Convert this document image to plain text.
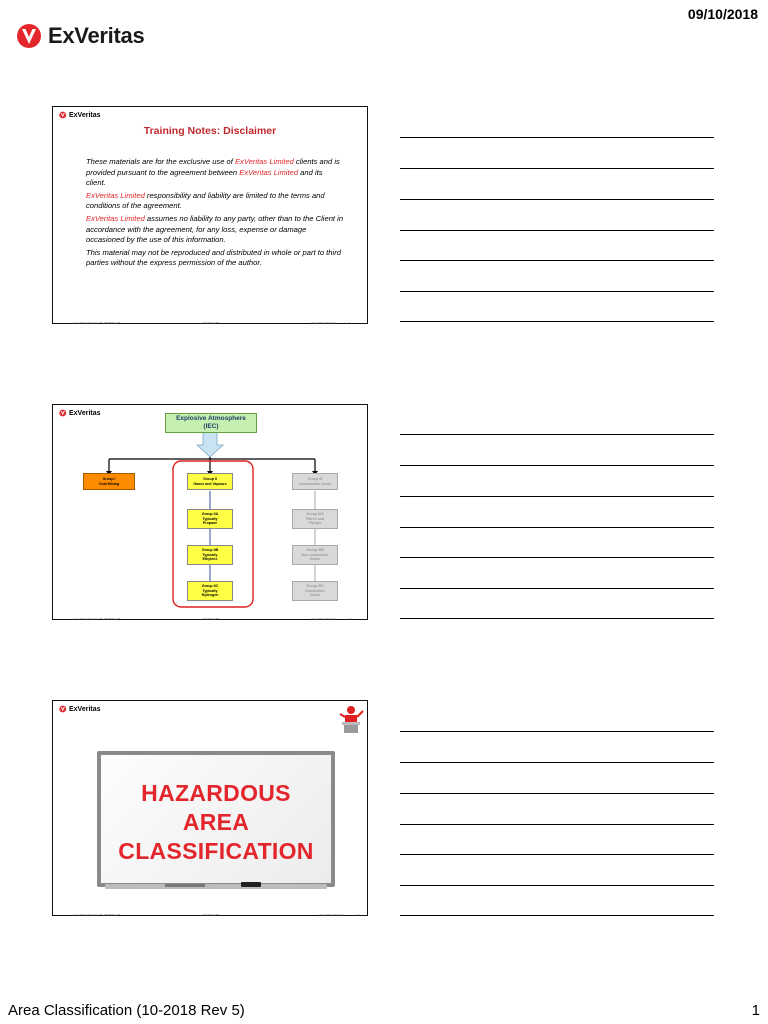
09/10/2018
ExVeritas
ExVeritas
Training Notes: Disclaimer

These materials are for the exclusive use of ExVeritas Limited clients and is provided pursuant to the agreement between ExVeritas Limited and its client.

ExVeritas Limited responsibility and liability are limited to the terms and conditions of the agreement.

ExVeritas Limited assumes no liability to any party, other than to the Client in accordance with the agreement, for any loss, expense or damage occasioned by the use of this information.

This material may not be reproduced and distributed in whole or part to third parties without the express permission of the author.

Area Classification (10-2018 Rev 5)	ExVeritas™	Area Classification	1
ExVeritas
Explosive Atmosphere
(IEC)
Group I
Coal Mining
Group II
Gases and Vapours
Group III
Combustible Dusts
Group IIA
Typically
Propane
Group IIB
Typically
Ethylene
Group IIC
Typically
Hydrogen
Group IIIA
Fibres and
Flyings
Group IIIB
Non-conductive
Dusts
Group IIIC
Conductive
Dusts
Area Classification (10-2018 Rev 5)	ExVeritas™	Area Classification	2
ExVeritas
HAZARDOUS
AREA
CLASSIFICATION
Area Classification (10-2018 Rev 5)	ExVeritas™	Area Classification	3
Area Classification (10-2018 Rev 5)	1
